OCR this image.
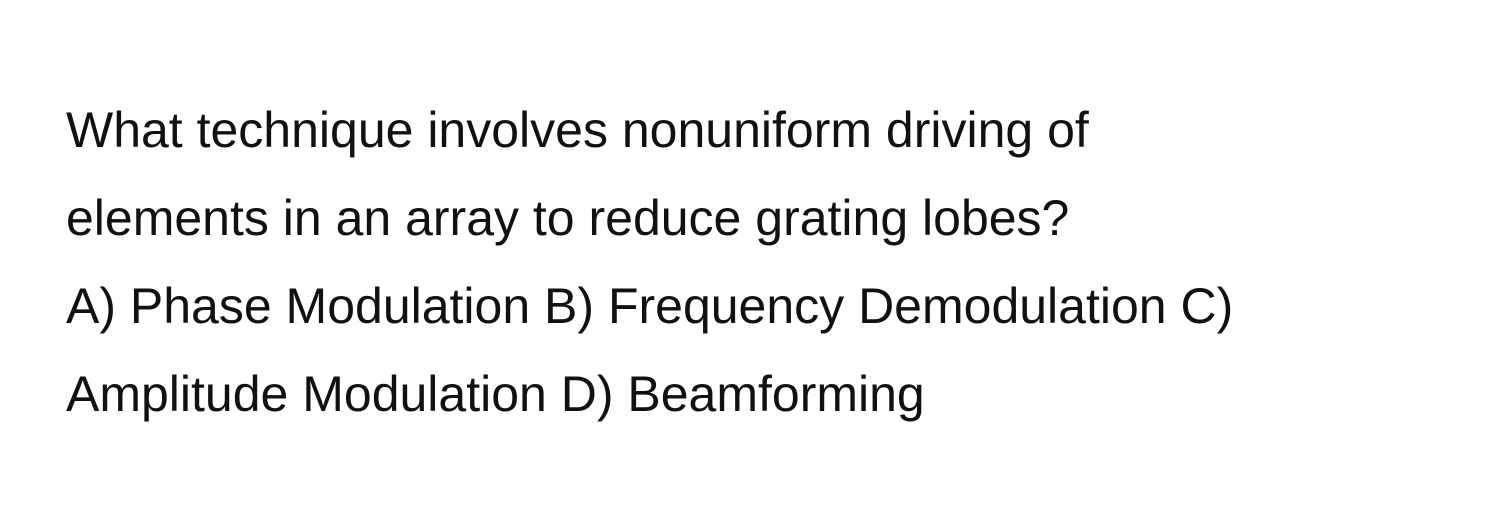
What technique involves nonuniform driving of
elements in an array to reduce grating lobes?
A) Phase Modulation B) Frequency Demodulation C)
Amplitude Modulation D) Beamforming
